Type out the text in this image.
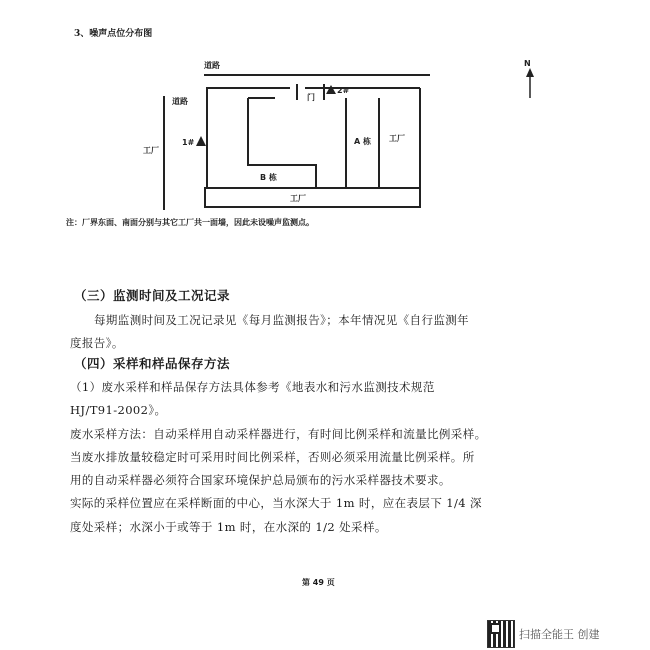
3、噪声点位分布图
道路
道路
工厂
门
1#
2#
A 栋 工厂
B 栋
工厂
N
注：厂界东面、南面分别与其它工厂共一面墙，因此未设噪声监测点。
（三）监测时间及工况记录
每期监测时间及工况记录见《每月监测报告》；本年情况见《自行监测年
度报告》。
（四）采样和样品保存方法
（1）废水采样和样品保存方法具体参考《地表水和污水监测技术规范
HJ/T91-2002》。
废水采样方法：自动采样用自动采样器进行，有时间比例采样和流量比例采样。
当废水排放量较稳定时可采用时间比例采样，否则必须采用流量比例采样。所
用的自动采样器必须符合国家环境保护总局颁布的污水采样器技术要求。
实际的采样位置应在采样断面的中心，当水深大于 1m 时，应在表层下 1/4 深
度处采样；水深小于或等于 1m 时，在水深的 1/2 处采样。
第 49 页
扫描全能王 创建
